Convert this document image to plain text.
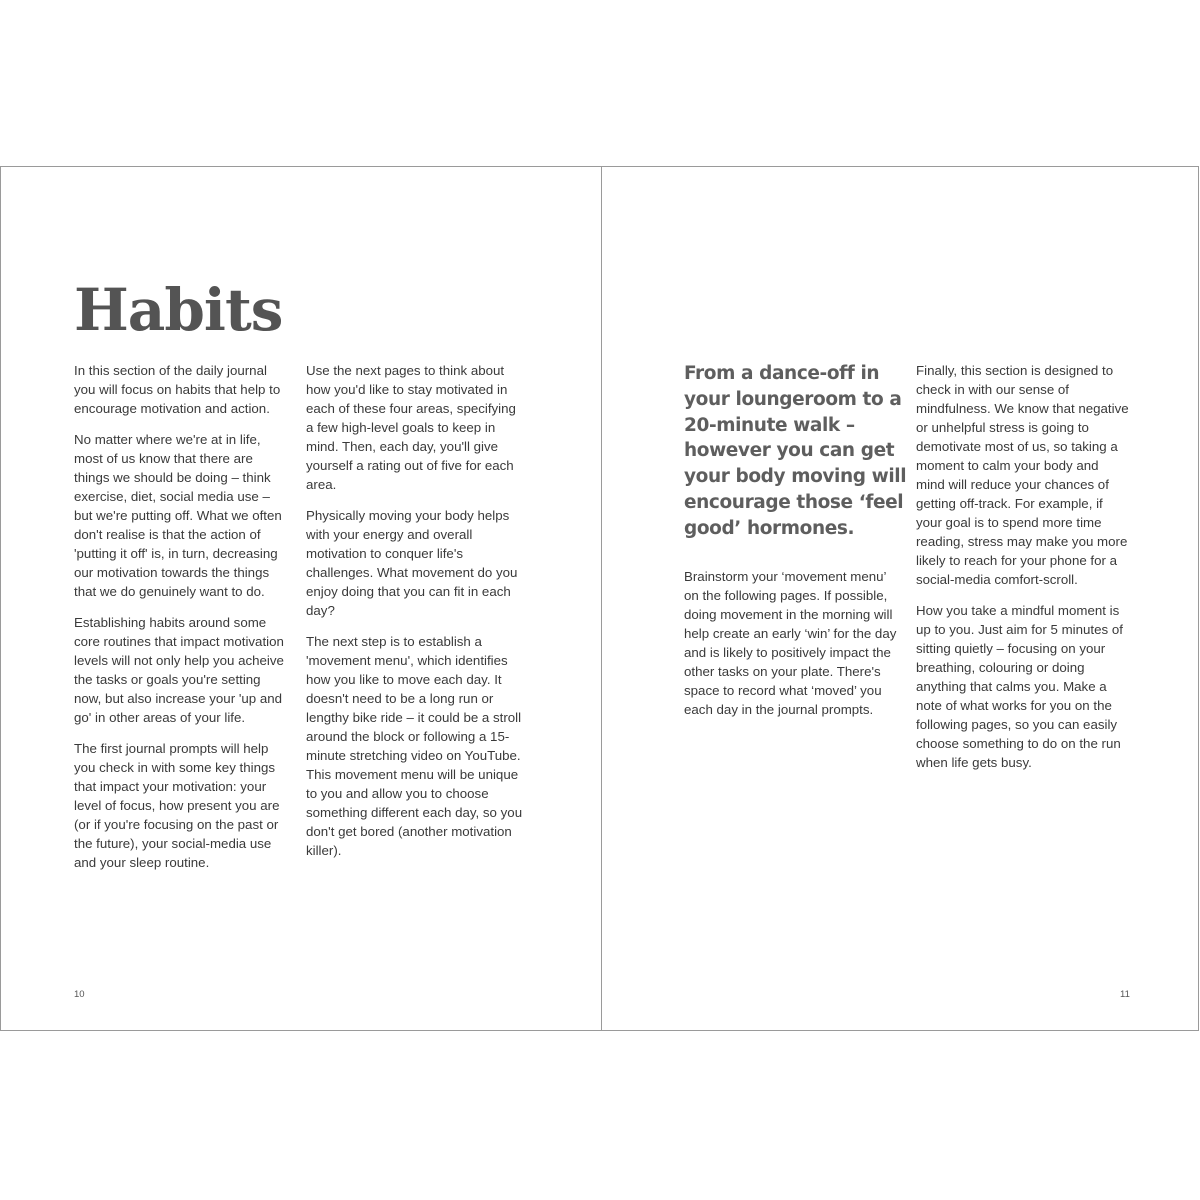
Habits

In this section of the daily journal you will focus on habits that help to encourage motivation and action.

No matter where we're at in life, most of us know that there are things we should be doing – think exercise, diet, social media use – but we're putting off. What we often don't realise is that the action of 'putting it off' is, in turn, decreasing our motivation towards the things that we do genuinely want to do.

Establishing habits around some core routines that impact motivation levels will not only help you acheive the tasks or goals you're setting now, but also increase your 'up and go' in other areas of your life.

The first journal prompts will help you check in with some key things that impact your motivation: your level of focus, how present you are (or if you're focusing on the past or the future), your social-media use and your sleep routine.

Use the next pages to think about how you'd like to stay motivated in each of these four areas, specifying a few high-level goals to keep in mind. Then, each day, you'll give yourself a rating out of five for each area.

Physically moving your body helps with your energy and overall motivation to conquer life's challenges. What movement do you enjoy doing that you can fit in each day?

The next step is to establish a 'movement menu', which identifies how you like to move each day. It doesn't need to be a long run or lengthy bike ride – it could be a stroll around the block or following a 15-minute stretching video on YouTube. This movement menu will be unique to you and allow you to choose something different each day, so you don't get bored (another motivation killer).

10

From a dance-off in your loungeroom to a 20-minute walk – however you can get your body moving will encourage those ‘feel good’ hormones.

Brainstorm your ‘movement menu’ on the following pages. If possible, doing movement in the morning will help create an early ‘win’ for the day and is likely to positively impact the other tasks on your plate. There's space to record what ‘moved’ you each day in the journal prompts.

Finally, this section is designed to check in with our sense of mindfulness. We know that negative or unhelpful stress is going to demotivate most of us, so taking a moment to calm your body and mind will reduce your chances of getting off-track. For example, if your goal is to spend more time reading, stress may make you more likely to reach for your phone for a social-media comfort-scroll.

How you take a mindful moment is up to you. Just aim for 5 minutes of sitting quietly – focusing on your breathing, colouring or doing anything that calms you. Make a note of what works for you on the following pages, so you can easily choose something to do on the run when life gets busy.

11
